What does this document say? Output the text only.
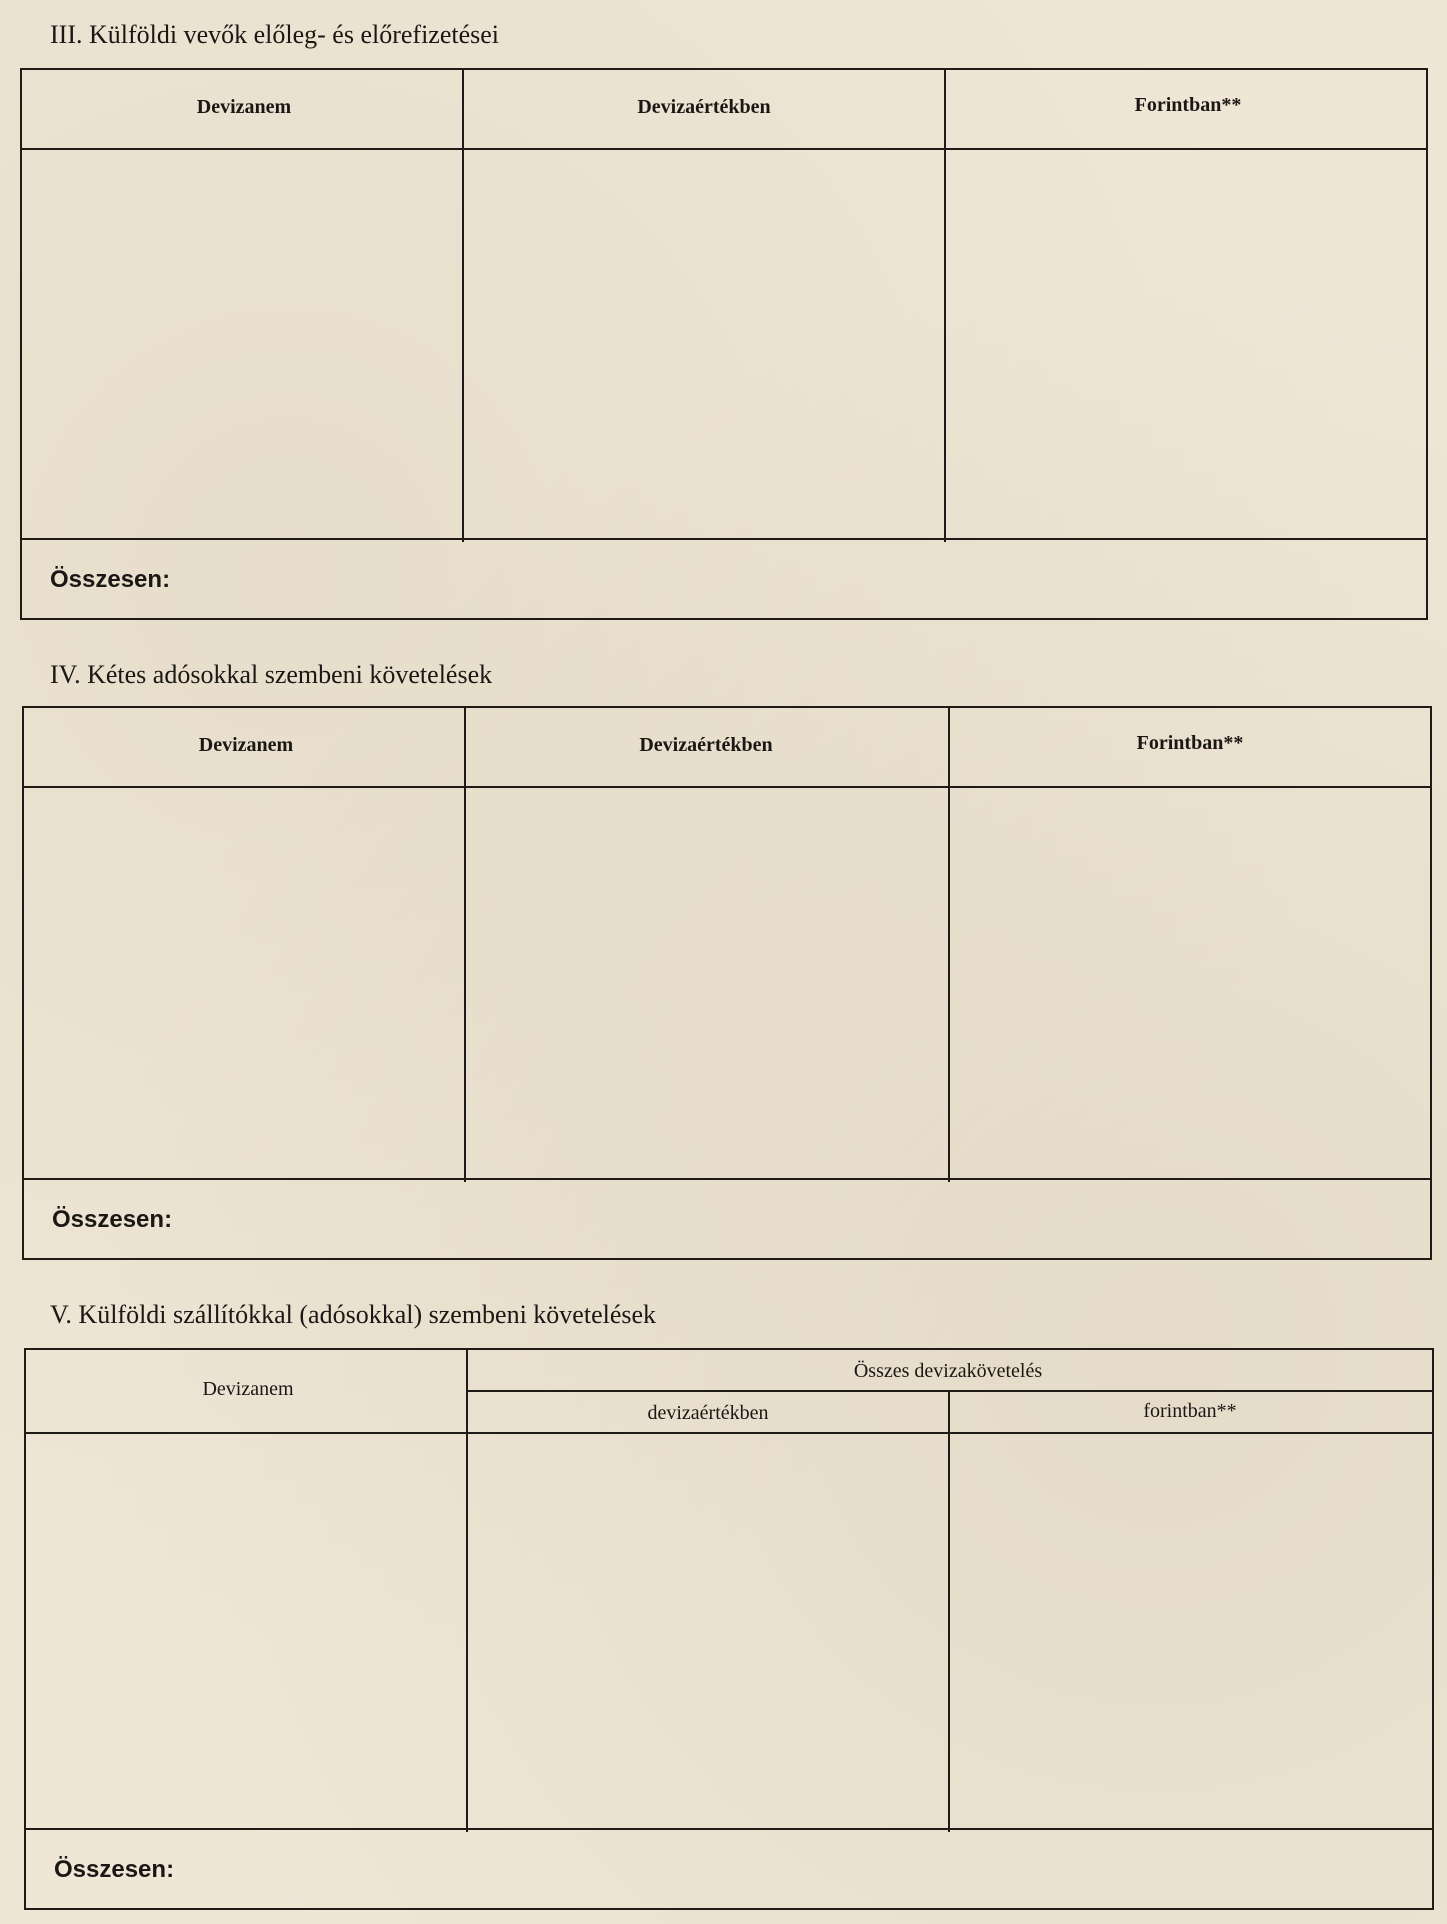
III. Külföldi vevők előleg- és előrefizetései
Devizanem	Devizaértékben	Forintban**
Összesen:
IV. Kétes adósokkal szembeni követelések
Devizanem	Devizaértékben	Forintban**
Összesen:
V. Külföldi szállítókkal (adósokkal) szembeni követelések
Devizanem
Összes devizakövetelés
devizaértékben	forintban**
Összesen:
